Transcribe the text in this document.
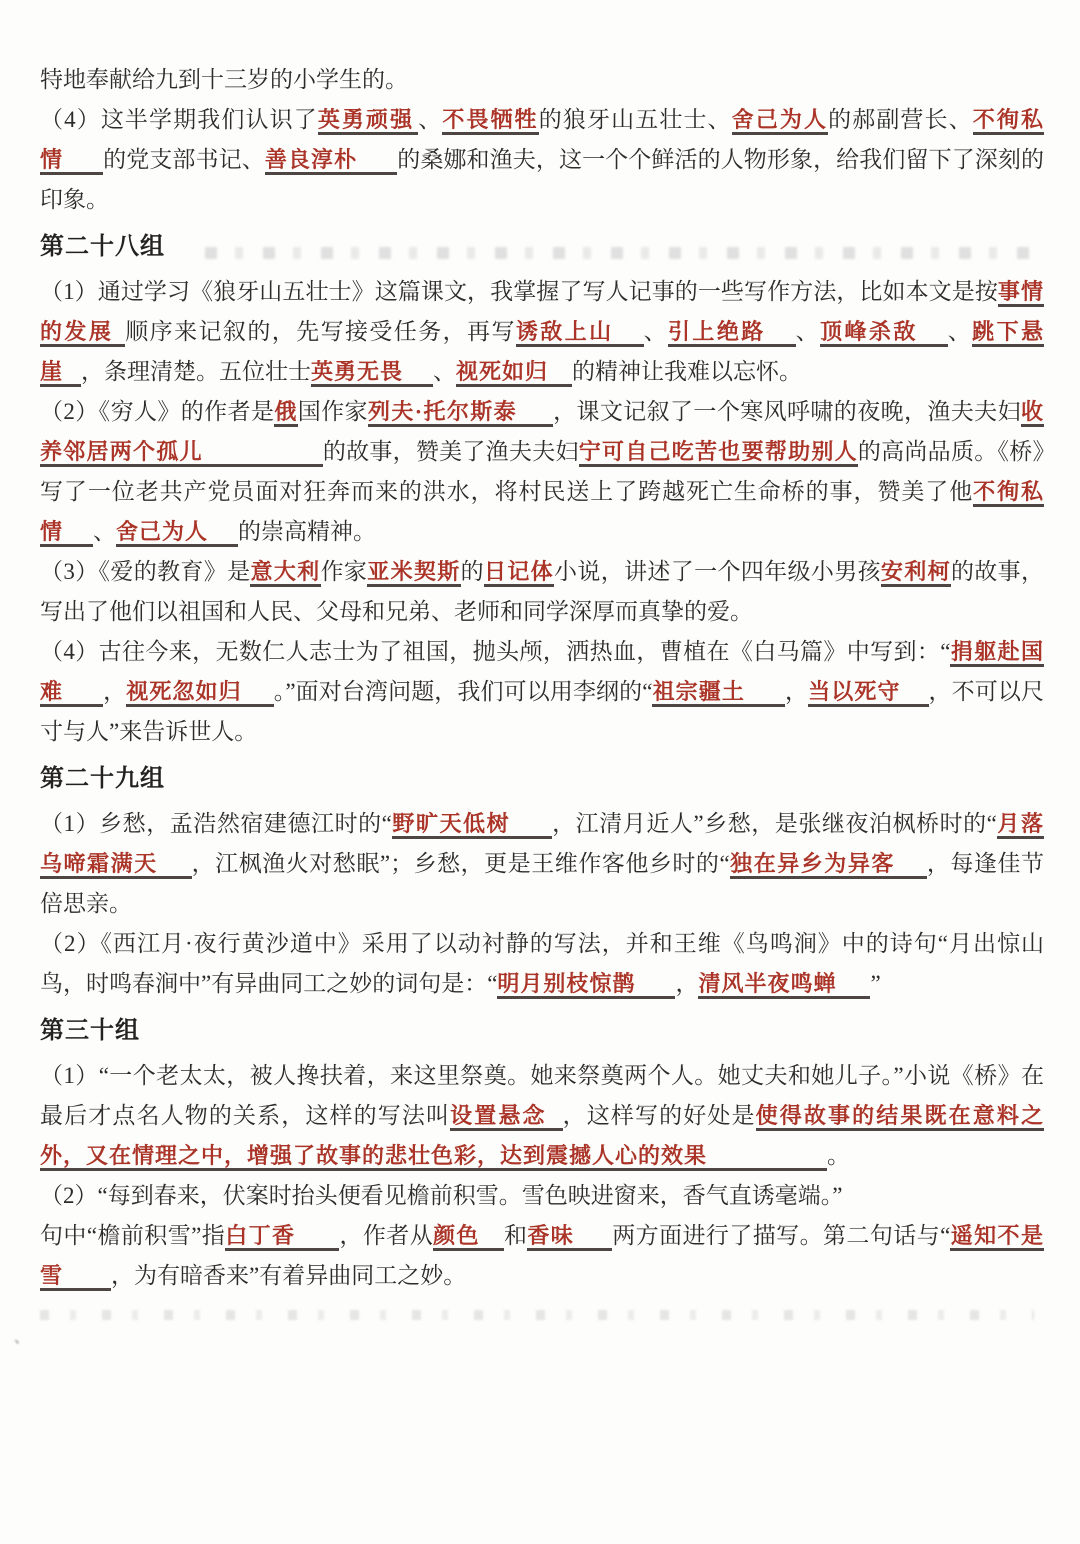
特地奉献给九到十三岁的小学生的。

（4）这半学期我们认识了英勇顽强 、不畏牺牲的狼牙山五壮士、舍己为人的郝副营长、不徇私情 的党支部书记、善良淳朴 的桑娜和渔夫，这一个个鲜活的人物形象，给我们留下了深刻的印象。

第二十八组

（1）通过学习《狼牙山五壮士》这篇课文，我掌握了写人记事的一些写作方法，比如本文是按事情的发展 顺序来记叙的，先写接受任务，再写诱敌上山 、引上绝路 、顶峰杀敌 、跳下悬崖 ，条理清楚。五位壮士英勇无畏 、视死如归 的精神让我难以忘怀。

（2）《穷人》的作者是俄国作家列夫·托尔斯泰 ，课文记叙了一个寒风呼啸的夜晚，渔夫夫妇收养邻居两个孤儿	的故事，赞美了渔夫夫妇宁可自己吃苦也要帮助别人的高尚品质。《桥》写了一位老共产党员面对狂奔而来的洪水，将村民送上了跨越死亡生命桥的事，赞美了他不徇私情 、舍己为人 的崇高精神。

（3）《爱的教育》是意大利作家亚米契斯的日记体小说，讲述了一个四年级小男孩安利柯的故事，写出了他们以祖国和人民、父母和兄弟、老师和同学深厚而真挚的爱。

（4）古往今来，无数仁人志士为了祖国，抛头颅，洒热血，曹植在《白马篇》中写到：“捐躯赴国难 ，视死忽如归 。”面对台湾问题，我们可以用李纲的“祖宗疆土 ，当以死守 ，不可以尺寸与人”来告诉世人。

第二十九组

（1）乡愁，孟浩然宿建德江时的“野旷天低树 ，江清月近人”乡愁，是张继夜泊枫桥时的“月落乌啼霜满天 ，江枫渔火对愁眠”；乡愁，更是王维作客他乡时的“独在异乡为异客 ，每逢佳节倍思亲。

（2）《西江月·夜行黄沙道中》采用了以动衬静的写法，并和王维《鸟鸣涧》中的诗句“月出惊山鸟，时鸣春涧中”有异曲同工之妙的词句是：“明月别枝惊鹊 ，清风半夜鸣蝉 ”

第三十组

（1）“一个老太太，被人搀扶着，来这里祭奠。她来祭奠两个人。她丈夫和她儿子。”小说《桥》在最后才点名人物的关系，这样的写法叫设置悬念 ，这样写的好处是使得故事的结果既在意料之外，又在情理之中，增强了故事的悲壮色彩，达到震撼人心的效果	。

（2）“每到春来，伏案时抬头便看见檐前积雪。雪色映进窗来，香气直诱毫端。”
句中“檐前积雪”指白丁香 ，作者从颜色 和香味 两方面进行了描写。第二句话与“遥知不是雪 ，为有暗香来”有着异曲同工之妙。

、
